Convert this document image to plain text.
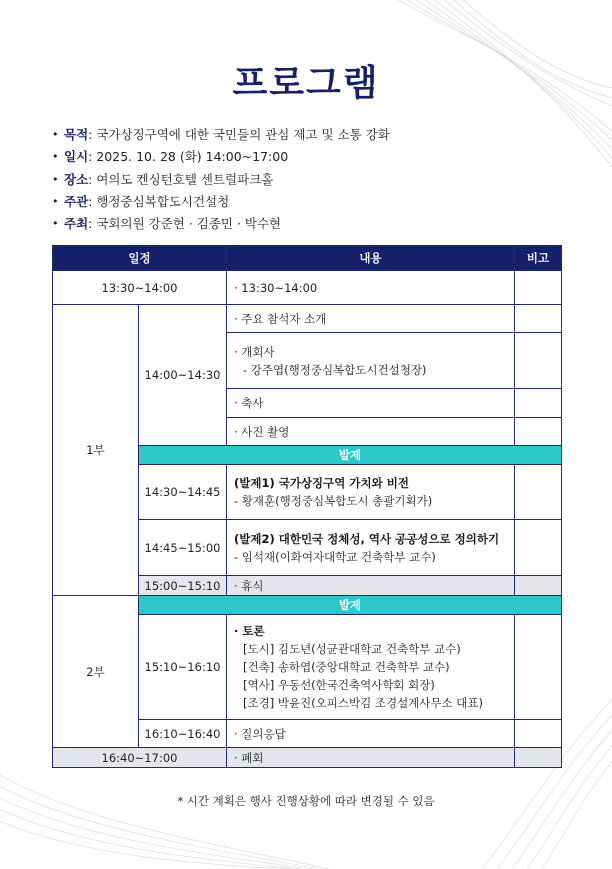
프로그램
• 목적: 국가상징구역에 대한 국민들의 관심 제고 및 소통 강화
• 일시: 2025. 10. 28 (화) 14:00~17:00
• 장소: 여의도 켄싱턴호텔 센트럴파크홀
• 주관: 행정중심복합도시건설청
• 주최: 국회의원 강준현 · 김종민 · 박수현
일정		내용	비고
13:30~14:00		· 13:30~14:00	
1부	14:00~14:30	· 주요 참석자 소개	
		· 개회사
- 강주엽(행정중심복합도시건설청장)	

		· 축사	
		· 사진 촬영	
	발제		
	14:30~14:45	(발제1) 국가상징구역 가치와 비전
- 황재훈(행정중심복합도시 총괄기획가)	
	14:45~15:00	(발제2) 대한민국 정체성, 역사 공공성으로 정의하기
- 임석재(이화여자대학교 건축학부 교수)	
	15:00~15:10	· 휴식	
2부	발제		
	15:10~16:10	· 토론
[도시] 김도년(성균관대학교 건축학부 교수)
[건축] 송하엽(중앙대학교 건축학부 교수)
[역사] 우동선(한국건축역사학회 회장)
[조경] 박윤진(오피스박김 조경설계사무소 대표)	

	16:10~16:40	· 질의응답	
16:40~17:00		· 폐회	
* 시간 계획은 행사 진행상황에 따라 변경될 수 있음
